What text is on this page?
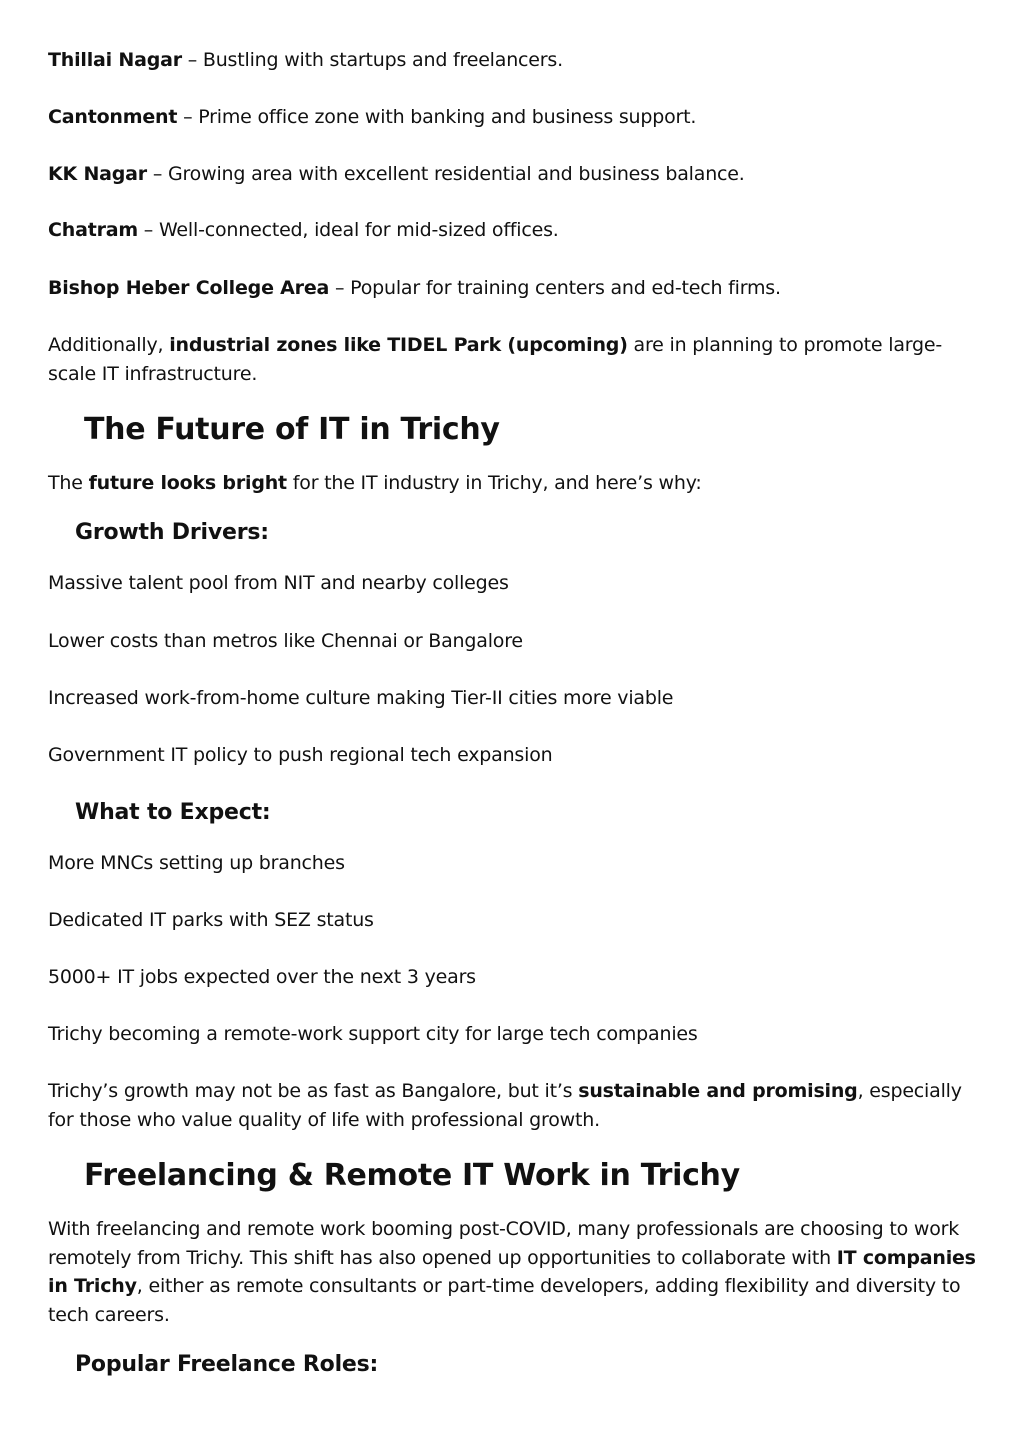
Thillai Nagar – Bustling with startups and freelancers.

Cantonment – Prime office zone with banking and business support.

KK Nagar – Growing area with excellent residential and business balance.

Chatram – Well-connected, ideal for mid-sized offices.

Bishop Heber College Area – Popular for training centers and ed-tech firms.

Additionally, industrial zones like TIDEL Park (upcoming) are in planning to promote large-scale IT infrastructure.

The Future of IT in Trichy

The future looks bright for the IT industry in Trichy, and here’s why:

Growth Drivers:

Massive talent pool from NIT and nearby colleges

Lower costs than metros like Chennai or Bangalore

Increased work-from-home culture making Tier-II cities more viable

Government IT policy to push regional tech expansion

What to Expect:

More MNCs setting up branches

Dedicated IT parks with SEZ status

5000+ IT jobs expected over the next 3 years

Trichy becoming a remote-work support city for large tech companies

Trichy’s growth may not be as fast as Bangalore, but it’s sustainable and promising, especially for those who value quality of life with professional growth.

Freelancing & Remote IT Work in Trichy

With freelancing and remote work booming post-COVID, many professionals are choosing to work remotely from Trichy. This shift has also opened up opportunities to collaborate with IT companies in Trichy, either as remote consultants or part-time developers, adding flexibility and diversity to tech careers.

Popular Freelance Roles:
